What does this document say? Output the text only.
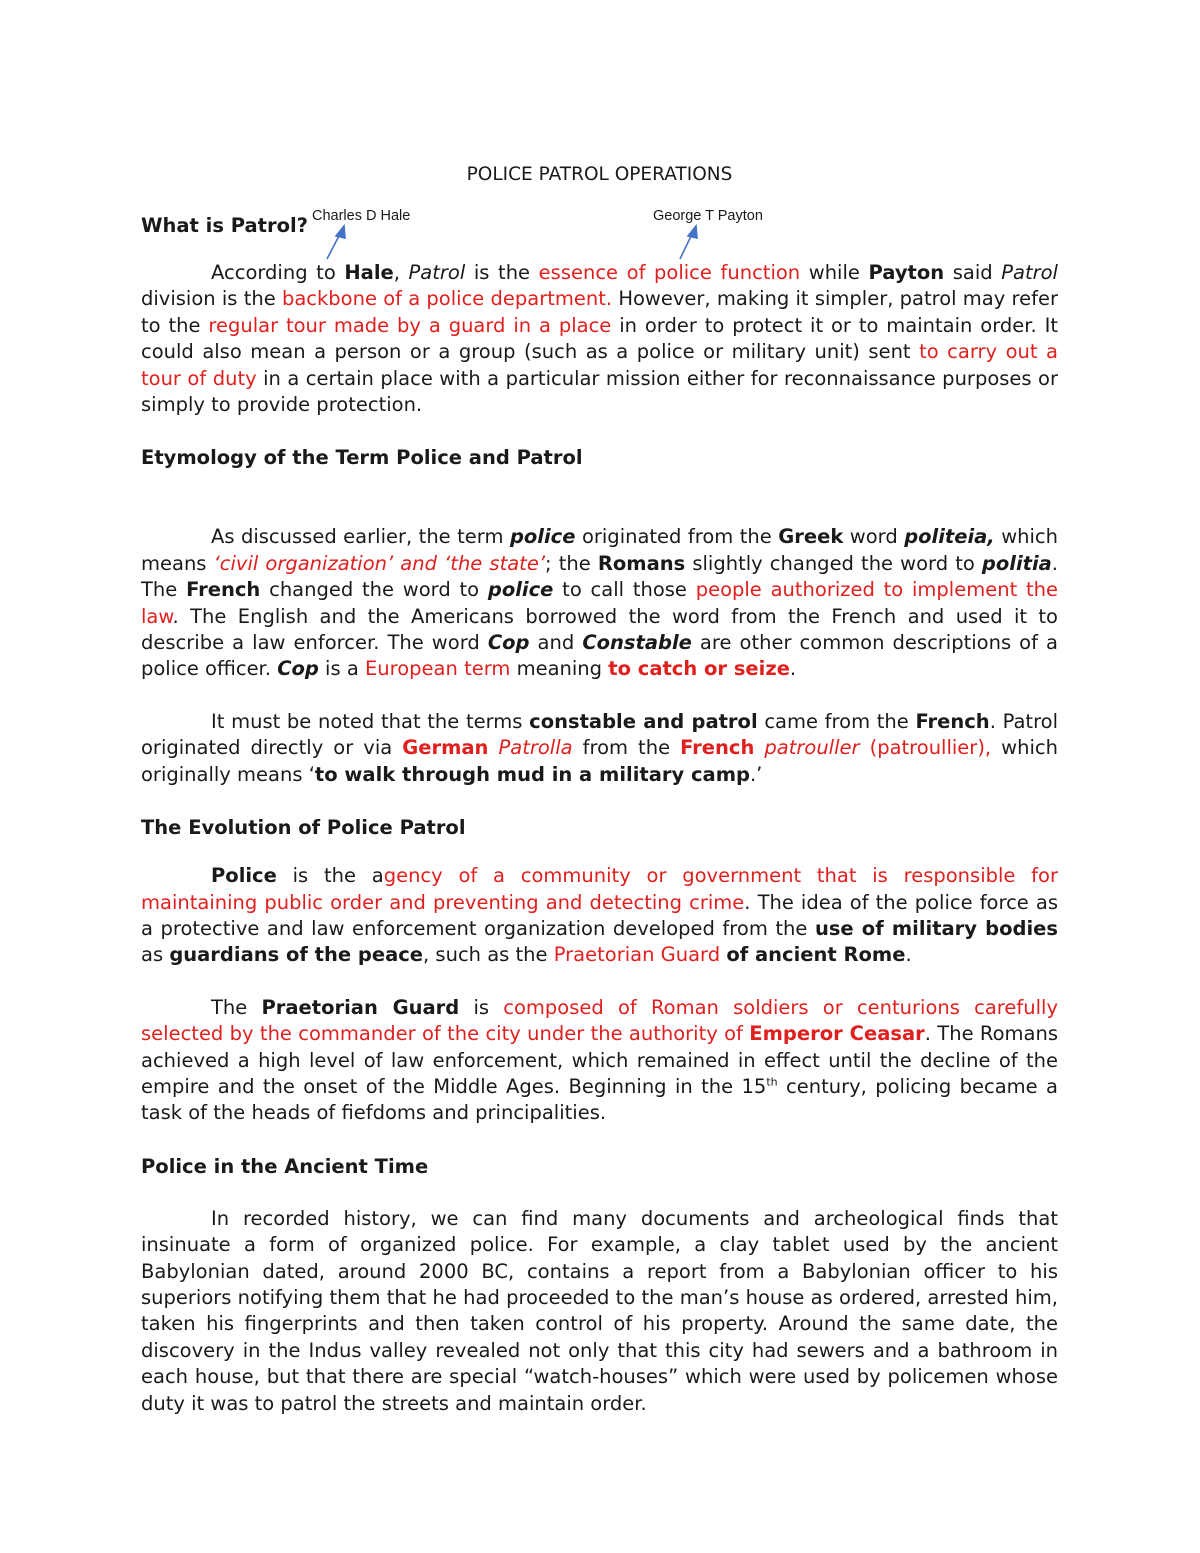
Charles D Hale	George T Payton
POLICE PATROL OPERATIONS
What is Patrol?

According to Hale, Patrol is the essence of police function while Payton said Patrol division is the backbone of a police department. However, making it simpler, patrol may refer to the regular tour made by a guard in a place in order to protect it or to maintain order. It could also mean a person or a group (such as a police or military unit) sent to carry out a tour of duty in a certain place with a particular mission either for reconnaissance purposes or simply to provide protection.

Etymology of the Term Police and Patrol

As discussed earlier, the term police originated from the Greek word politeia, which means ‘civil organization’ and ‘the state’; the Romans slightly changed the word to politia. The French changed the word to police to call those people authorized to implement the law. The English and the Americans borrowed the word from the French and used it to describe a law enforcer. The word Cop and Constable are other common descriptions of a police officer. Cop is a European term meaning to catch or seize.

It must be noted that the terms constable and patrol came from the French. Patrol originated directly or via German Patrolla from the French patrouller (patroullier), which originally means ‘to walk through mud in a military camp.’

The Evolution of Police Patrol

Police is the agency of a community or government that is responsible for maintaining public order and preventing and detecting crime. The idea of the police force as a protective and law enforcement organization developed from the use of military bodies as guardians of the peace, such as the Praetorian Guard of ancient Rome.

The Praetorian Guard is composed of Roman soldiers or centurions carefully selected by the commander of the city under the authority of Emperor Ceasar. The Romans achieved a high level of law enforcement, which remained in effect until the decline of the empire and the onset of the Middle Ages. Beginning in the 15th century, policing became a task of the heads of fiefdoms and principalities.

Police in the Ancient Time

In recorded history, we can find many documents and archeological finds that insinuate a form of organized police. For example, a clay tablet used by the ancient Babylonian dated, around 2000 BC, contains a report from a Babylonian officer to his superiors notifying them that he had proceeded to the man’s house as ordered, arrested him, taken his fingerprints and then taken control of his property. Around the same date, the discovery in the Indus valley revealed not only that this city had sewers and a bathroom in each house, but that there are special “watch-houses” which were used by policemen whose duty it was to patrol the streets and maintain order.
